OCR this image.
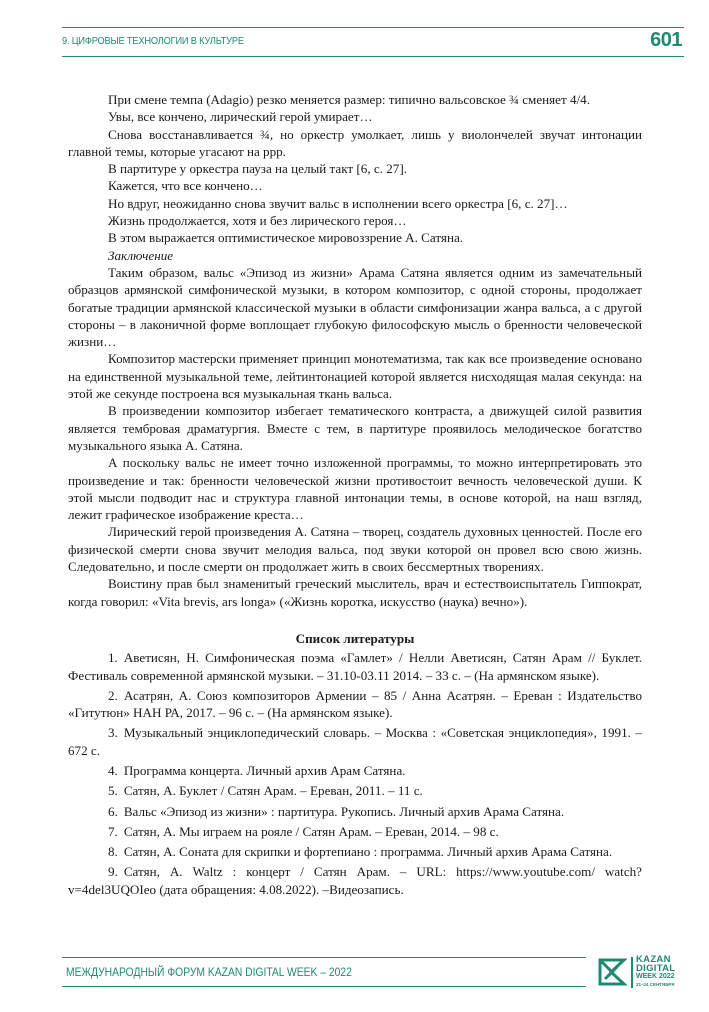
9. ЦИФРОВЫЕ ТЕХНОЛОГИИ В КУЛЬТУРЕ	601

При смене темпа (Adagio) резко меняется размер: типично вальсовское ¾ сменяет 4/4.

Увы, все кончено, лирический герой умирает…

Снова восстанавливается ¾, но оркестр умолкает, лишь у виолончелей звучат интонации главной темы, которые угасают на ppp.

В партитуре у оркестра пауза на целый такт [6, с. 27].

Кажется, что все кончено…

Но вдруг, неожиданно снова звучит вальс в исполнении всего оркестра [6, с. 27]…

Жизнь продолжается, хотя и без лирического героя…

В этом выражается оптимистическое мировоззрение А. Сатяна.

Заключение

Таким образом, вальс «Эпизод из жизни» Арама Сатяна является одним из замечательный образцов армянской симфонической музыки, в котором композитор, с одной стороны, продолжает богатые традиции армянской классической музыки в области симфонизации жанра вальса, а с другой стороны – в лаконичной форме воплощает глубокую философскую мысль о бренности человеческой жизни…

Композитор мастерски применяет принцип монотематизма, так как все произведение основано на единственной музыкальной теме, лейтинтонацией которой является нисходящая малая секунда: на этой же секунде построена вся музыкальная ткань вальса.

В произведении композитор избегает тематического контраста, а движущей силой развития является тембровая драматургия. Вместе с тем, в партитуре проявилось мелодическое богатство музыкального языка А. Сатяна.

А поскольку вальс не имеет точно изложенной программы, то можно интерпретировать это произведение и так: бренности человеческой жизни противостоит вечность человеческой души. К этой мысли подводит нас и структура главной интонации темы, в основе которой, на наш взгляд, лежит графическое изображение креста…

Лирический герой произведения А. Сатяна – творец, создатель духовных ценностей. После его физической смерти снова звучит мелодия вальса, под звуки которой он провел всю свою жизнь. Следовательно, и после смерти он продолжает жить в своих бессмертных творениях.

Воистину прав был знаменитый греческий мыслитель, врач и естествоиспытатель Гиппократ, когда говорил: «Vita brevis, ars longa» («Жизнь коротка, искусство (наука) вечно»).

Список литературы

1. Аветисян, Н. Симфоническая поэма «Гамлет» / Нелли Аветисян, Сатян Арам // Буклет. Фестиваль современной армянской музыки. – 31.10-03.11 2014. – 33 с. – (На армянском языке).

2. Асатрян, А. Союз композиторов Армении – 85 / Анна Асатрян. – Ереван : Издательство «Гитутюн» НАН РА, 2017. – 96 с. – (На армянском языке).

3. Музыкальный энциклопедический словарь. – Москва : «Советская энциклопедия», 1991. – 672 с.

4. Программа концерта. Личный архив Арам Сатяна.

5. Сатян, А. Буклет / Сатян Арам. – Ереван, 2011. – 11 с.

6. Вальс «Эпизод из жизни» : партитура. Рукопись. Личный архив Арама Сатяна.

7. Сатян, А. Мы играем на рояле / Сатян Арам. – Ереван, 2014. – 98 с.

8. Сатян, А. Соната для скрипки и фортепиано : программа. Личный архив Арама Сатяна.

9. Сатян, А. Waltz : концерт / Сатян Арам. – URL: https://www.youtube.com/ watch?v=4del3UQOIeo (дата обращения: 4.08.2022). –Видеозапись.

МЕЖДУНАРОДНЫЙ ФОРУМ KAZAN DIGITAL WEEK – 2022
KAZAN
DIGITAL
WEEK 2022
21–24 СЕНТЯБРЯ
